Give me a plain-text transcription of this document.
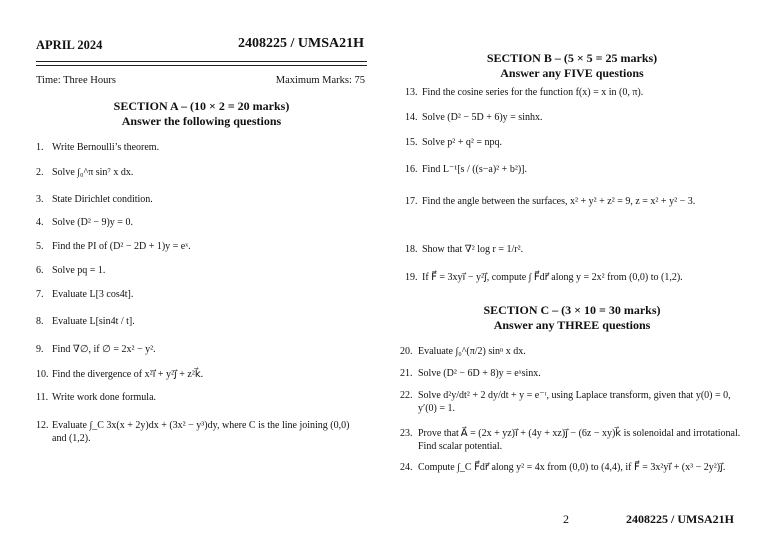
APRIL 2024	2408225 / UMSA21H
Time: Three Hours	Maximum Marks: 75
SECTION A – (10 × 2 = 20 marks)
Answer the following questions
1. Write Bernoulli’s theorem.
2. Solve ∫₀^π sin⁷ x dx.
3. State Dirichlet condition.
4. Solve (D² − 9)y = 0.
5. Find the PI of (D² − 2D + 1)y = eˣ.
6. Solve pq = 1.
7. Evaluate L[3 cos4t].
8. Evaluate L[sin4t / t].
9. Find ∇∅, if ∅ = 2x² − y².
10. Find the divergence of x²i⃗ + y²j⃗ + z²k⃗.
11. Write work done formula.
12. Evaluate ∫_C 3x(x + 2y)dx + (3x² − y³)dy, where C is the line joining (0,0) and (1,2).
SECTION B – (5 × 5 = 25 marks)
Answer any FIVE questions
13. Find the cosine series for the function f(x) = x in (0, π).
14. Solve (D² − 5D + 6)y = sinhx.
15. Solve p² + q² = npq.
16. Find L⁻¹[s / ((s−a)² + b²)].
17. Find the angle between the surfaces, x² + y² + z² = 9, z = x² + y² − 3.
18. Show that ∇² log r = 1/r².
19. If F⃗ = 3xyi⃗ − y²j⃗, compute ∫ F⃗dr⃗ along y = 2x² from (0,0) to (1,2).
SECTION C – (3 × 10 = 30 marks)
Answer any THREE questions
20. Evaluate ∫₀^(π/2) sinⁿ x dx.
21. Solve (D² − 6D + 8)y = eˣsinx.
22. Solve d²y/dt² + 2 dy/dt + y = e⁻ᵗ, using Laplace transform, given that y(0) = 0, y′(0) = 1.
23. Prove that A⃗ = (2x + yz)i⃗ + (4y + xz)j⃗ − (6z − xy)k⃗ is solenoidal and irrotational. Find scalar potential.
24. Compute ∫_C F⃗dr⃗ along y² = 4x from (0,0) to (4,4), if F⃗ = 3x²yi⃗ + (x³ − 2y²)j⃗.
2	2408225 / UMSA21H
